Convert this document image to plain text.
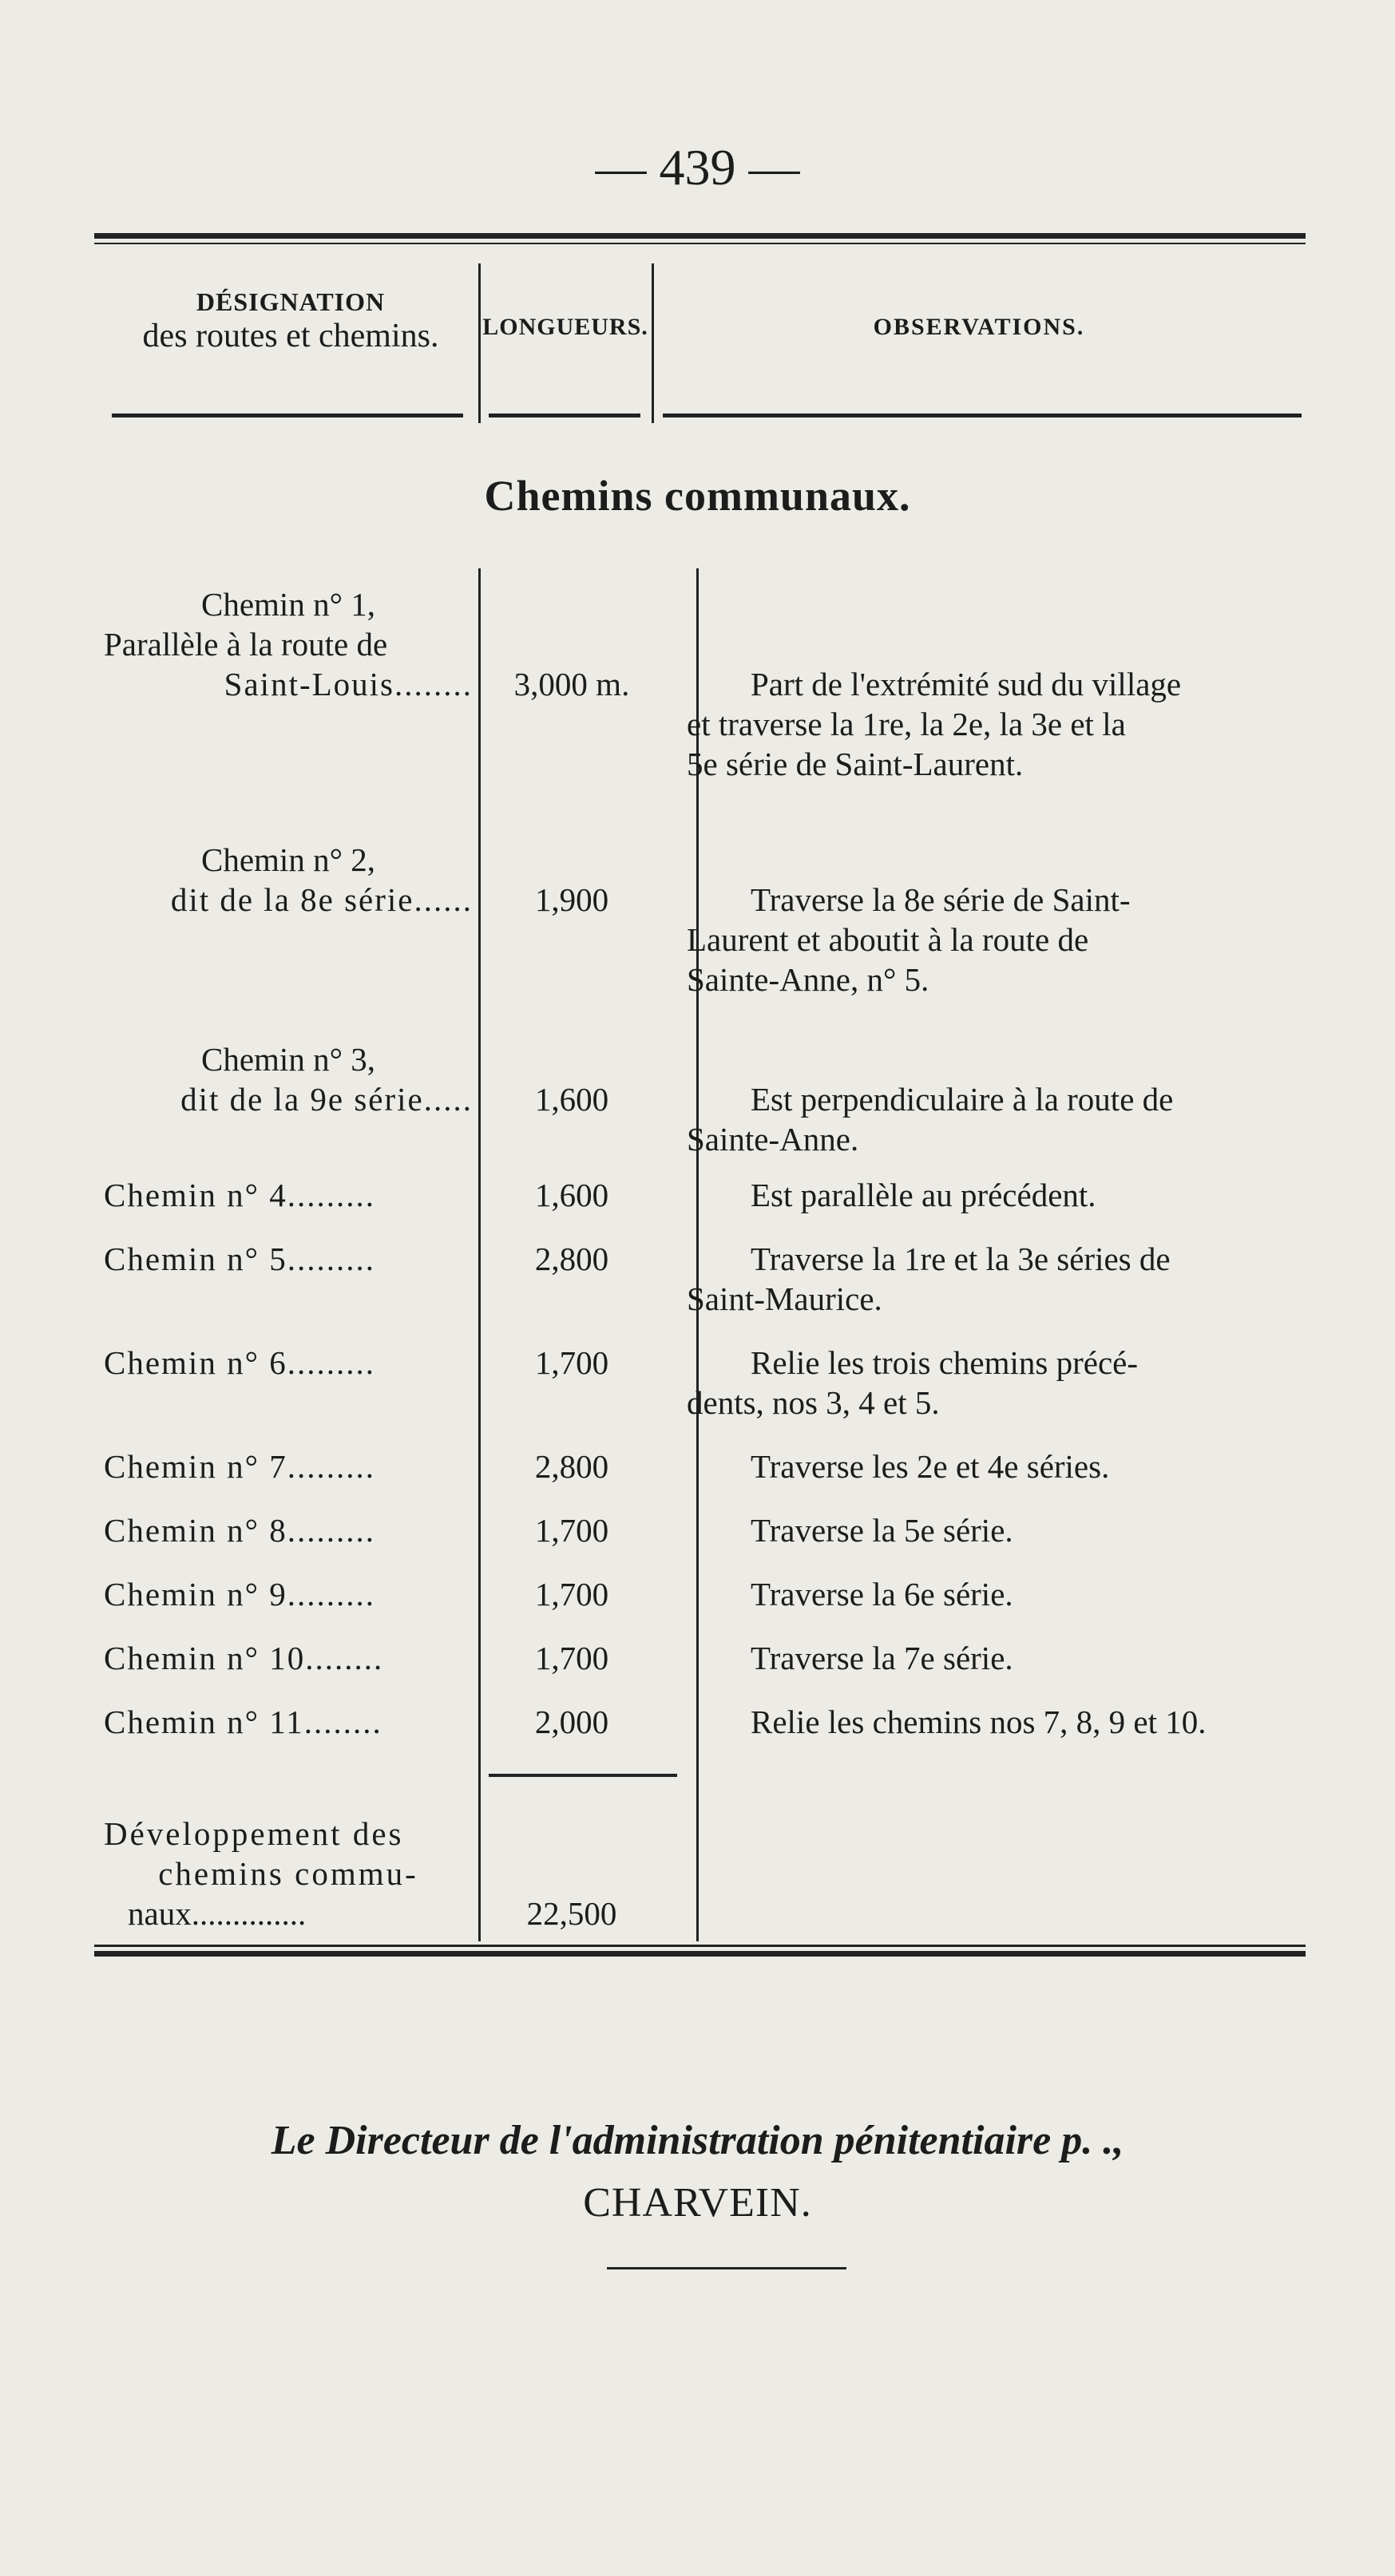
— 439 —
DÉSIGNATION
des routes et chemins.	LONGUEURS.	OBSERVATIONS.
Chemins communaux.
Chemin n° 1,
Parallèle à la route de
Saint-Louis........	3,000 m.	Part de l'extrémité sud du village
et traverse la 1re, la 2e, la 3e et la
5e série de Saint-Laurent.
Chemin n° 2,
dit de la 8e série......	1,900	Traverse la 8e série de Saint-
Laurent et aboutit à la route de
Sainte-Anne, n° 5.
Chemin n° 3,
dit de la 9e série.....	1,600	Est perpendiculaire à la route de
Sainte-Anne.
Chemin n° 4.........	1,600	Est parallèle au précédent.
Chemin n° 5.........	2,800	Traverse la 1re et la 3e séries de
Saint-Maurice.
Chemin n° 6.........	1,700	Relie les trois chemins précé-
dents, nos 3, 4 et 5.
Chemin n° 7.........	2,800	Traverse les 2e et 4e séries.
Chemin n° 8.........	1,700	Traverse la 5e série.
Chemin n° 9.........	1,700	Traverse la 6e série.
Chemin n° 10........	1,700	Traverse la 7e série.
Chemin n° 11........	2,000	Relie les chemins nos 7, 8, 9 et 10.
Développement des
chemins commu-
naux..............	22,500
Le Directeur de l'administration pénitentiaire p. .,
CHARVEIN.
